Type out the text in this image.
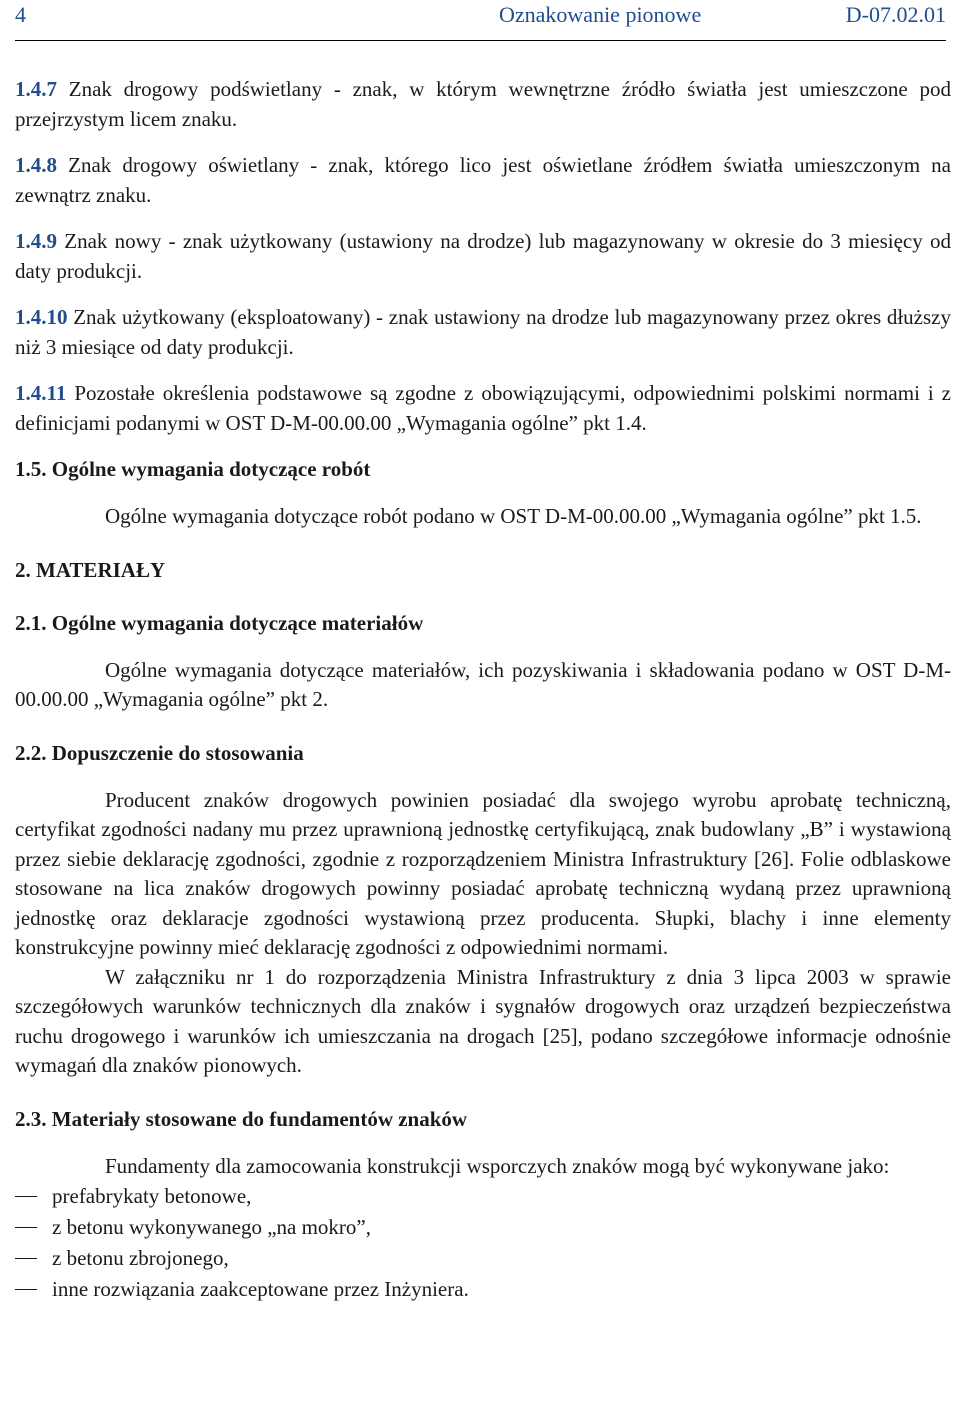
4	Oznakowanie pionowe	D-07.02.01

1.4.7 Znak drogowy podświetlany - znak, w którym wewnętrzne źródło światła jest umieszczone pod przejrzystym licem znaku.

1.4.8 Znak drogowy oświetlany - znak, którego lico jest oświetlane źródłem światła umieszczonym na zewnątrz znaku.

1.4.9 Znak nowy - znak użytkowany (ustawiony na drodze) lub magazynowany w okresie do 3 miesięcy od daty produkcji.

1.4.10 Znak użytkowany (eksploatowany) - znak ustawiony na drodze lub magazynowany przez okres dłuższy niż 3 miesiące od daty produkcji.

1.4.11 Pozostałe określenia podstawowe są zgodne z obowiązującymi, odpowiednimi polskimi normami i z definicjami podanymi w OST D-M-00.00.00 „Wymagania ogólne” pkt 1.4.

1.5. Ogólne wymagania dotyczące robót

Ogólne wymagania dotyczące robót podano w OST D-M-00.00.00 „Wymagania ogólne” pkt 1.5.

2. MATERIAŁY

2.1. Ogólne wymagania dotyczące materiałów

Ogólne wymagania dotyczące materiałów, ich pozyskiwania i składowania podano w OST D-M-00.00.00 „Wymagania ogólne” pkt 2.

2.2. Dopuszczenie do stosowania

Producent znaków drogowych powinien posiadać dla swojego wyrobu aprobatę techniczną, certyfikat zgodności nadany mu przez uprawnioną jednostkę certyfikującą, znak budowlany „B” i wystawioną przez siebie deklarację zgodności, zgodnie z rozporządzeniem Ministra Infrastruktury [26]. Folie odblaskowe stosowane na lica znaków drogowych powinny posiadać aprobatę techniczną wydaną przez uprawnioną jednostkę oraz deklaracje zgodności wystawioną przez producenta. Słupki, blachy i inne elementy konstrukcyjne powinny mieć deklarację zgodności z odpowiednimi normami.

W załączniku nr 1 do rozporządzenia Ministra Infrastruktury z dnia 3 lipca 2003 w sprawie szczegółowych warunków technicznych dla znaków i sygnałów drogowych oraz urządzeń bezpieczeństwa ruchu drogowego i warunków ich umieszczania na drogach [25], podano szczegółowe informacje odnośnie wymagań dla znaków pionowych.

2.3. Materiały stosowane do fundamentów znaków

Fundamenty dla zamocowania konstrukcji wsporczych znaków mogą być wykonywane jako:

prefabrykaty betonowe,
z betonu wykonywanego „na mokro”,
z betonu zbrojonego,
inne rozwiązania zaakceptowane przez Inżyniera.
